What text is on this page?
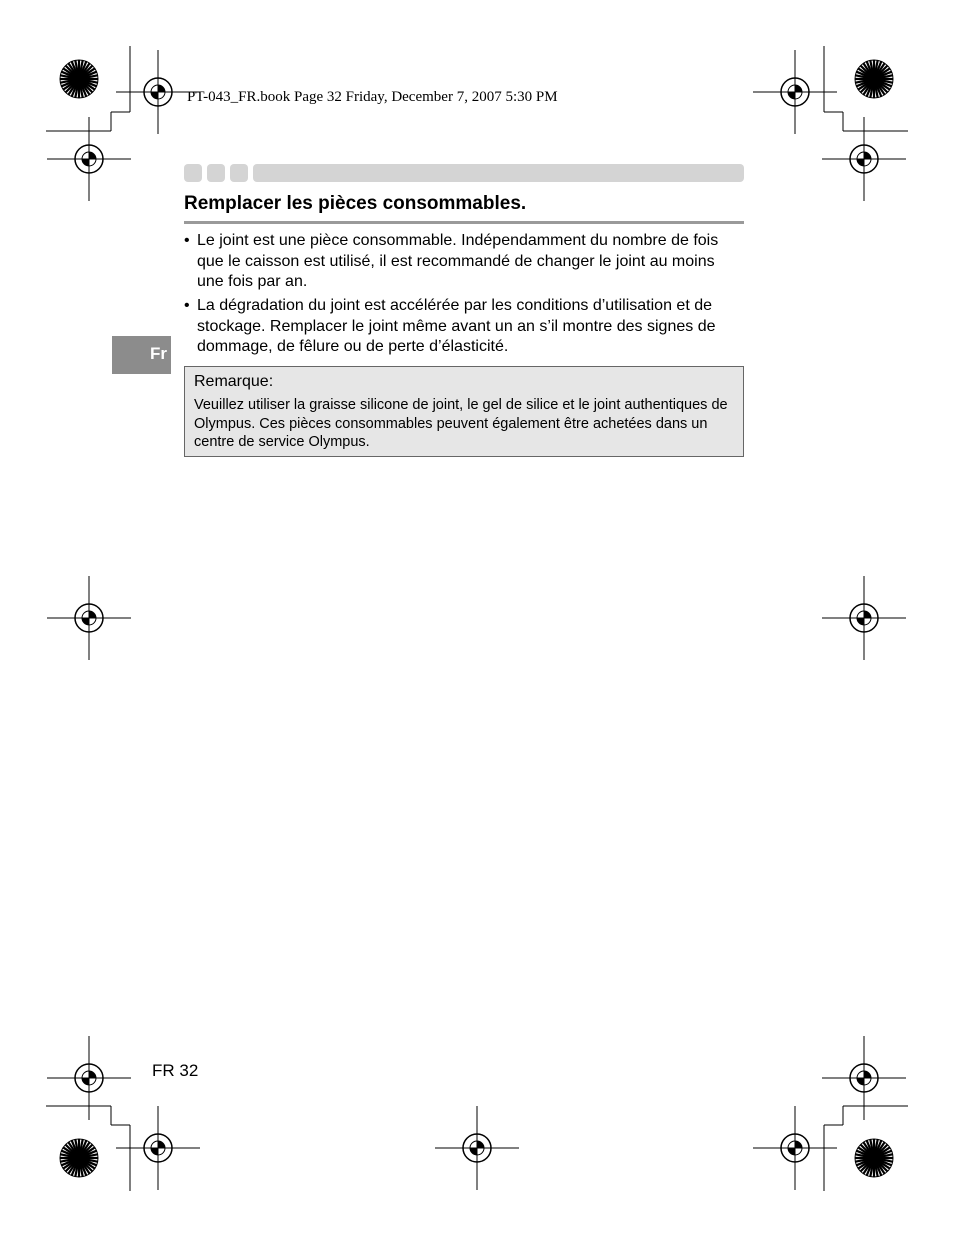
PT-043_FR.book Page 32 Friday, December 7, 2007 5:30 PM
Remplacer les pièces consommables.
• Le joint est une pièce consommable. Indépendamment du nombre de fois que le caisson est utilisé, il est recommandé de changer le joint au moins une fois par an.
• La dégradation du joint est accélérée par les conditions d’utilisation et de stockage. Remplacer le joint même avant un an s’il montre des signes de dommage, de fêlure ou de perte d’élasticité.
Fr
Remarque:
Veuillez utiliser la graisse silicone de joint, le gel de silice et le joint authentiques de Olympus. Ces pièces consommables peuvent également être achetées dans un centre de service Olympus.
FR 32
